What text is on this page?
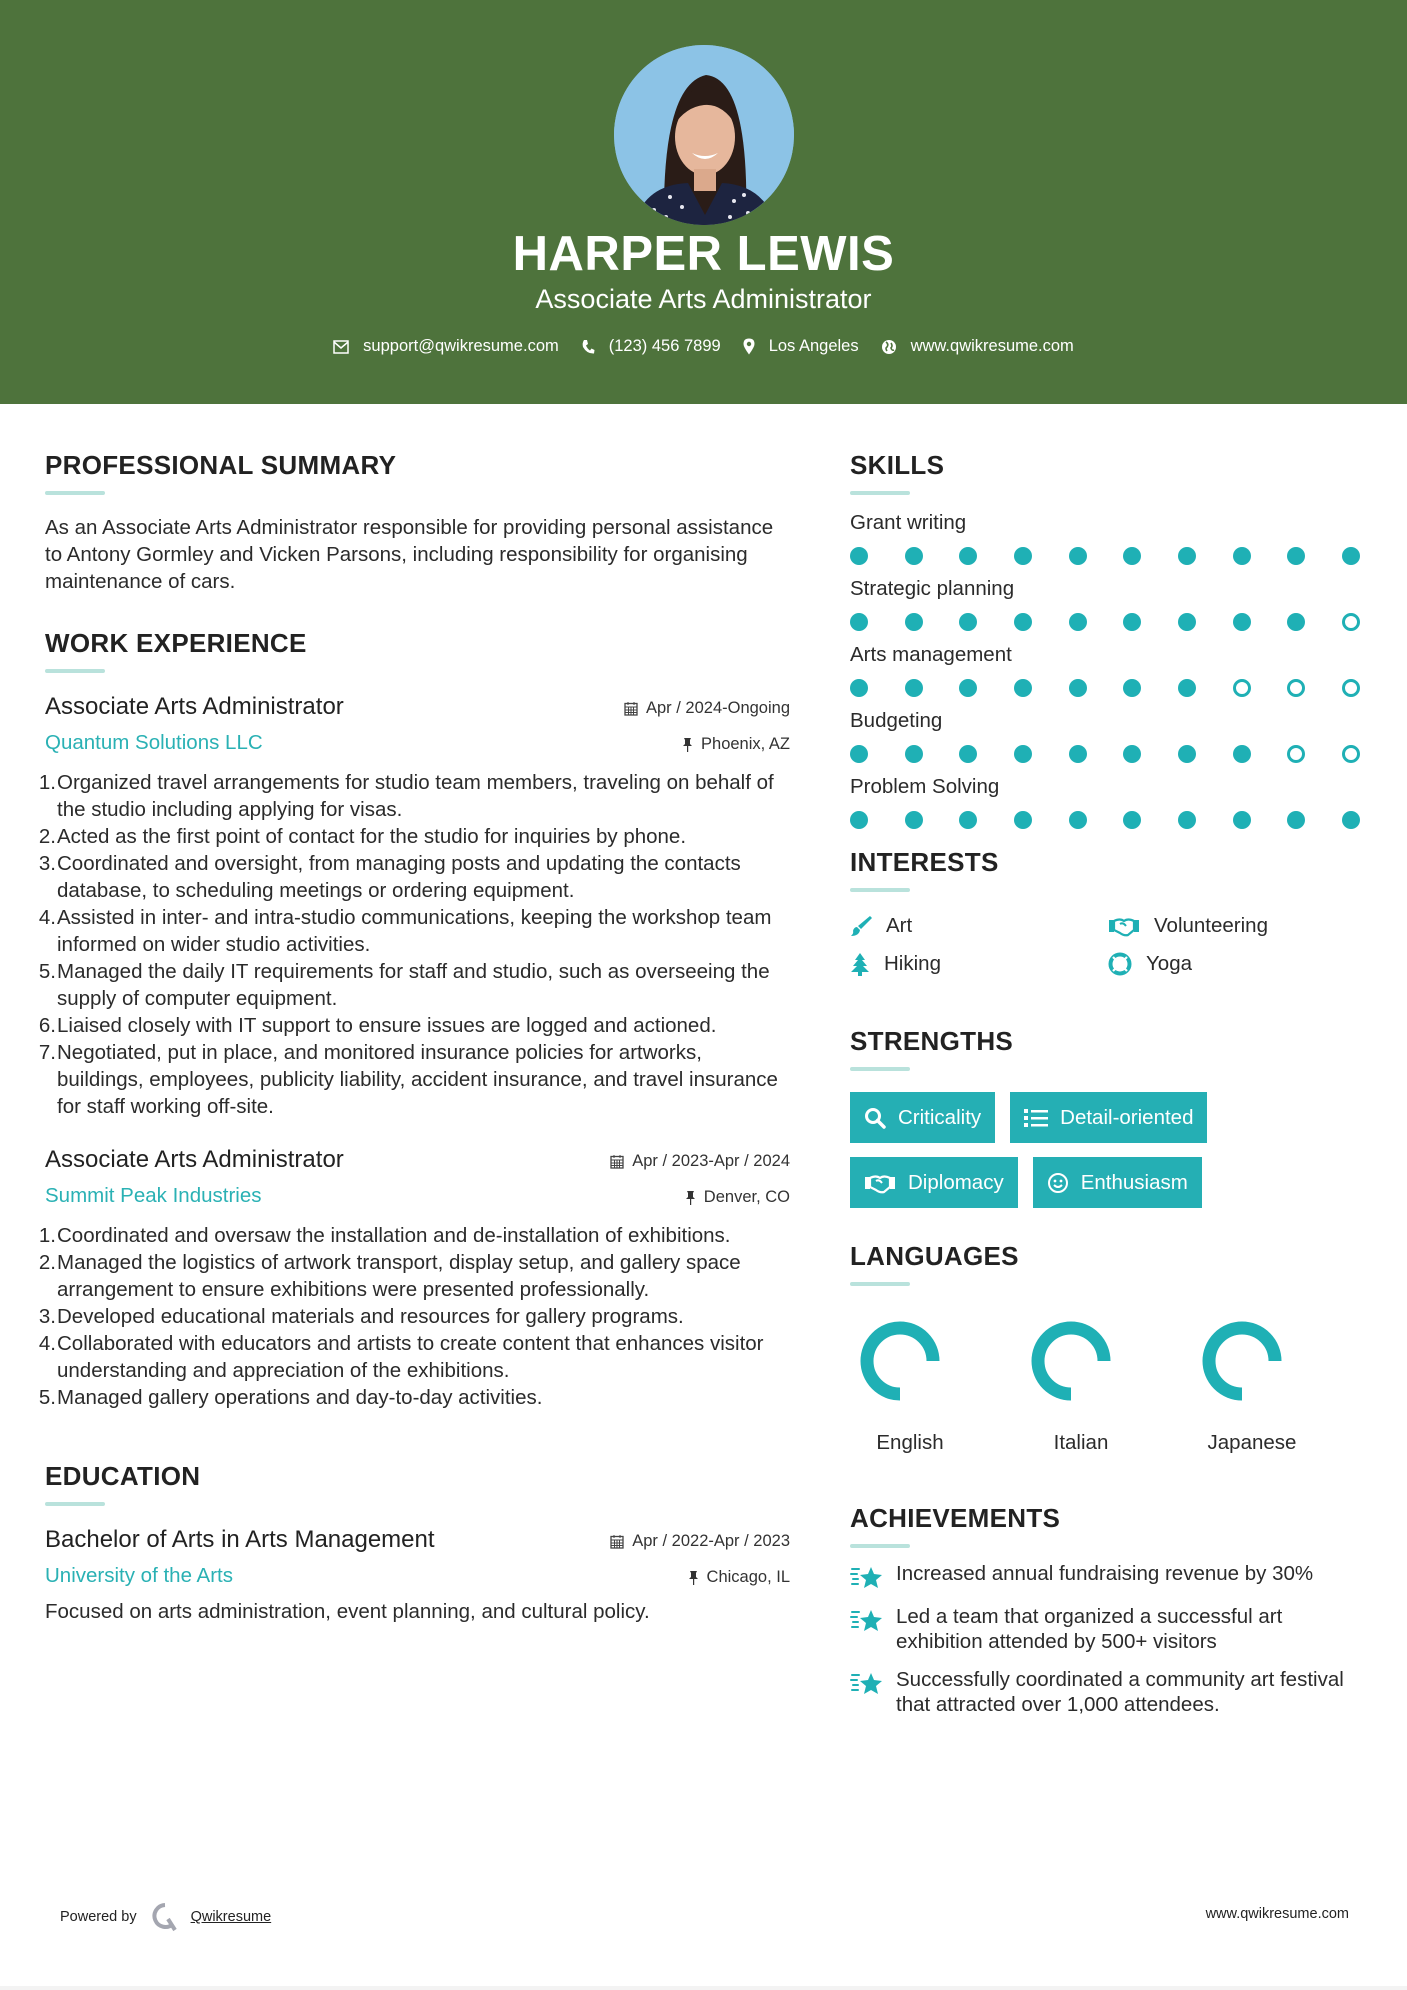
HARPER LEWIS
Associate Arts Administrator
support@qwikresume.com	(123) 456 7899	Los Angeles	www.qwikresume.com
PROFESSIONAL SUMMARY

As an Associate Arts Administrator responsible for providing personal assistance to Antony Gormley and Vicken Parsons, including responsibility for organising maintenance of cars.

WORK EXPERIENCE
Associate Arts Administrator	Apr / 2024-Ongoing
Quantum Solutions LLC	Phoenix, AZ
1. Organized travel arrangements for studio team members, traveling on behalf of the studio including applying for visas.
2. Acted as the first point of contact for the studio for inquiries by phone.
3. Coordinated and oversight, from managing posts and updating the contacts database, to scheduling meetings or ordering equipment.
4. Assisted in inter- and intra-studio communications, keeping the workshop team informed on wider studio activities.
5. Managed the daily IT requirements for staff and studio, such as overseeing the supply of computer equipment.
6. Liaised closely with IT support to ensure issues are logged and actioned.
7. Negotiated, put in place, and monitored insurance policies for artworks, buildings, employees, publicity liability, accident insurance, and travel insurance for staff working off-site.
Associate Arts Administrator	Apr / 2023-Apr / 2024
Summit Peak Industries	Denver, CO
1. Coordinated and oversaw the installation and de-installation of exhibitions.
2. Managed the logistics of artwork transport, display setup, and gallery space arrangement to ensure exhibitions were presented professionally.
3. Developed educational materials and resources for gallery programs.
4. Collaborated with educators and artists to create content that enhances visitor understanding and appreciation of the exhibitions.
5. Managed gallery operations and day-to-day activities.
EDUCATION
Bachelor of Arts in Arts Management	Apr / 2022-Apr / 2023
University of the Arts	Chicago, IL

Focused on arts administration, event planning, and cultural policy.

SKILLS
Grant writing
Strategic planning
Arts management
Budgeting
Problem Solving
INTERESTS
Art	Volunteering
Hiking	Yoga
STRENGTHS
Criticality	Detail-oriented
Diplomacy	Enthusiasm
LANGUAGES
English	Italian	Japanese
ACHIEVEMENTS
Increased annual fundraising revenue by 30%
Led a team that organized a successful art exhibition attended by 500+ visitors
Successfully coordinated a community art festival that attracted over 1,000 attendees.
Powered by	Qwikresume	www.qwikresume.com
